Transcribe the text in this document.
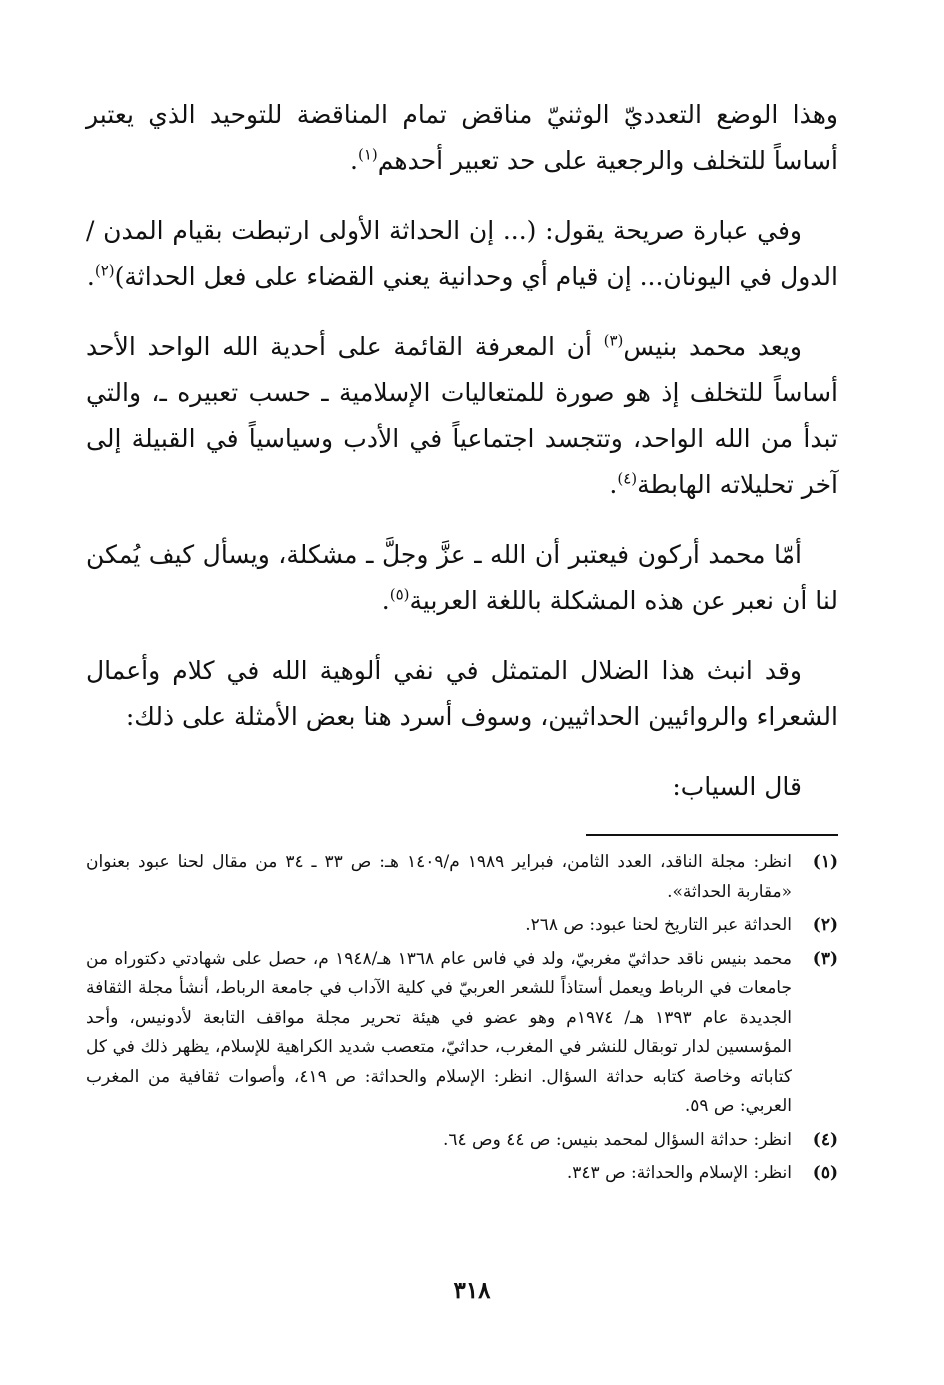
وهذا الوضع التعدديّ الوثنيّ مناقض تمام المناقضة للتوحيد الذي يعتبر أساساً للتخلف والرجعية على حد تعبير أحدهم$^{(١)}$.

وفي عبارة صريحة يقول: (... إن الحداثة الأولى ارتبطت بقيام المدن / الدول في اليونان... إن قيام أي وحدانية يعني القضاء على فعل الحداثة)$^{(٢)}$.

ويعد محمد بنيس$^{(٣)}$ أن المعرفة القائمة على أحدية الله الواحد الأحد أساساً للتخلف إذ هو صورة للمتعاليات الإسلامية ـ حسب تعبيره ـ، والتي تبدأ من الله الواحد، وتتجسد اجتماعياً في الأدب وسياسياً في القبيلة إلى آخر تحليلاته الهابطة$^{(٤)}$.

أمّا محمد أركون فيعتبر أن الله ـ عزَّ وجلَّ ـ مشكلة، ويسأل كيف يُمكن لنا أن نعبر عن هذه المشكلة باللغة العربية$^{(٥)}$.

وقد انبث هذا الضلال المتمثل في نفي ألوهية الله في كلام وأعمال الشعراء والروائيين الحداثيين، وسوف أسرد هنا بعض الأمثلة على ذلك:

قال السياب:

(١)
انظر: مجلة الناقد، العدد الثامن، فبراير ١٩٨٩ م/١٤٠٩ هـ: ص ٣٣ ـ ٣٤ من مقال لحنا عبود بعنوان «مقاربة الحداثة».
(٢)
الحداثة عبر التاريخ لحنا عبود: ص ٢٦٨.
(٣)
محمد بنيس ناقد حداثيّ مغربيّ، ولد في فاس عام ١٣٦٨ هـ/١٩٤٨ م، حصل على شهادتي دكتوراه من جامعات في الرباط ويعمل أستاذاً للشعر العربيّ في كلية الآداب في جامعة الرباط، أنشأ مجلة الثقافة الجديدة عام ١٣٩٣ هـ/ ١٩٧٤م وهو عضو في هيئة تحرير مجلة مواقف التابعة لأدونيس، وأحد المؤسسين لدار توبقال للنشر في المغرب، حداثيّ، متعصب شديد الكراهية للإسلام، يظهر ذلك في كل كتاباته وخاصة كتابه حداثة السؤال. انظر: الإسلام والحداثة: ص ٤١٩، وأصوات ثقافية من المغرب العربي: ص ٥٩.
(٤)
انظر: حداثة السؤال لمحمد بنيس: ص ٤٤ وص ٦٤.
(٥)
انظر: الإسلام والحداثة: ص ٣٤٣.
٣١٨
